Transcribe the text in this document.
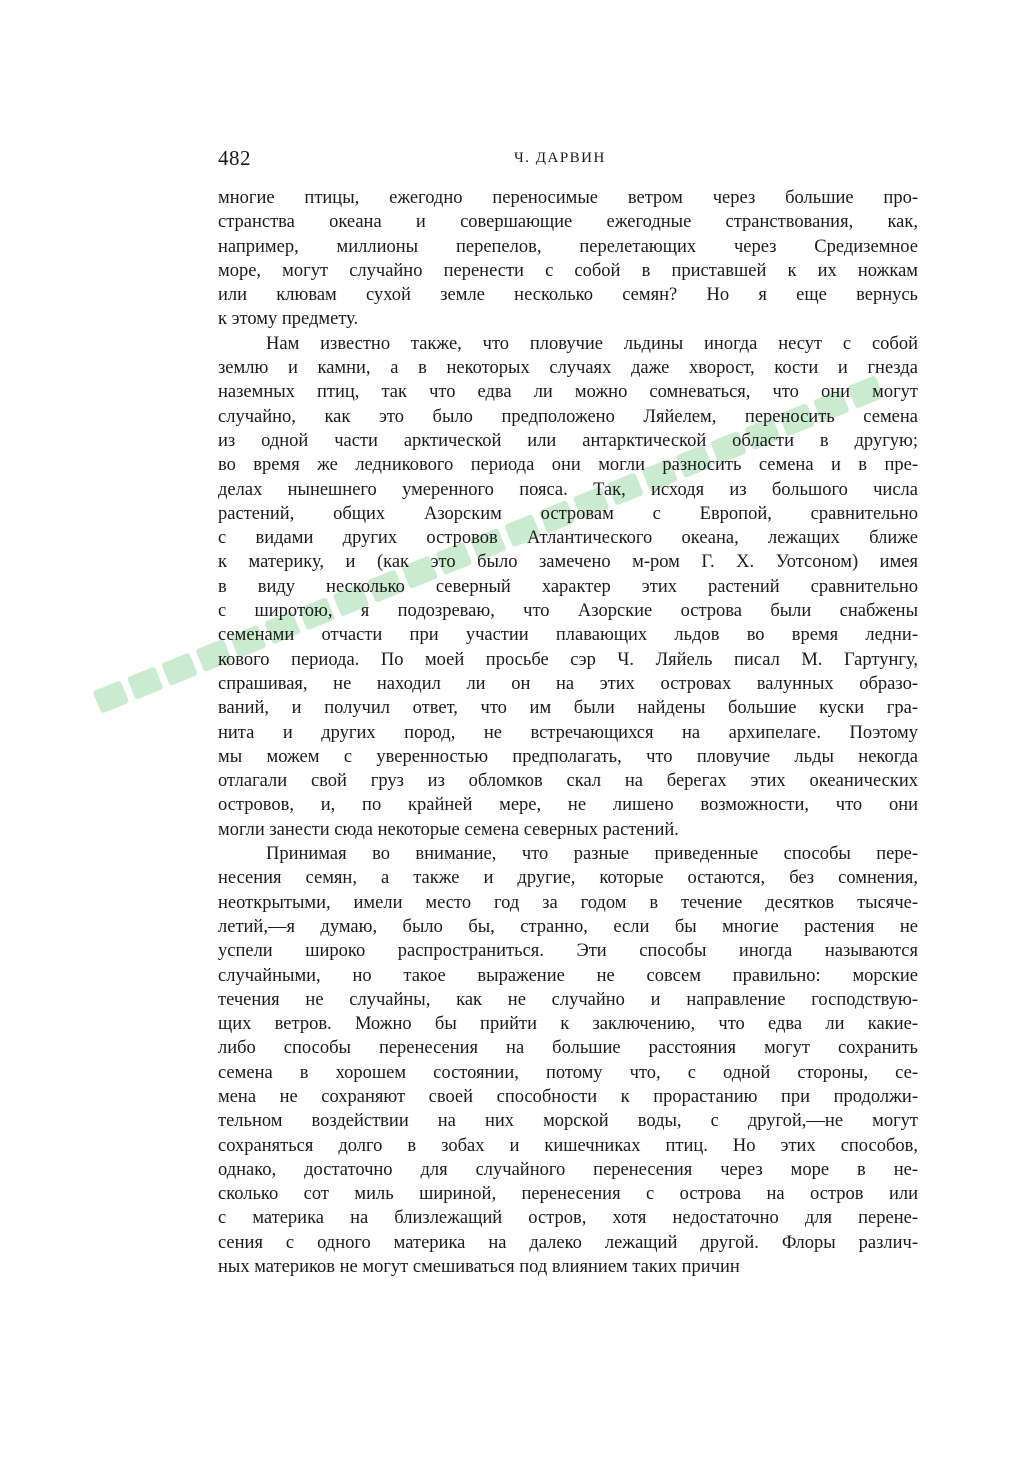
482	Ч. ДАРВИН
многие птицы, ежегодно переносимые ветром через большие про-
странства океана и совершающие ежегодные странствования, как,
например, миллионы перепелов, перелетающих через Средиземное
море, могут случайно перенести с собой в приставшей к их ножкам
или клювам сухой земле несколько семян? Но я еще вернусь
к этому предмету.
Нам известно также, что пловучие льдины иногда несут с собой
землю и камни, а в некоторых случаях даже хворост, кости и гнезда
наземных птиц, так что едва ли можно сомневаться, что они могут
случайно, как это было предположено Ляйелем, переносить семена
из одной части арктической или антарктической области в другую;
во время же ледникового периода они могли разносить семена и в пре-
делах нынешнего умеренного пояса. Так, исходя из большого числа
растений, общих Азорским островам с Европой, сравнительно
с видами других островов Атлантического океана, лежащих ближе
к материку, и (как это было замечено м-ром Г. Х. Уотсоном) имея
в виду несколько северный характер этих растений сравнительно
с широтою, я подозреваю, что Азорские острова были снабжены
семенами отчасти при участии плавающих льдов во время ледни-
кового периода. По моей просьбе сэр Ч. Ляйель писал М. Гартунгу,
спрашивая, не находил ли он на этих островах валунных образо-
ваний, и получил ответ, что им были найдены большие куски гра-
нита и других пород, не встречающихся на архипелаге. Поэтому
мы можем с уверенностью предполагать, что пловучие льды некогда
отлагали свой груз из обломков скал на берегах этих океанических
островов, и, по крайней мере, не лишено возможности, что они
могли занести сюда некоторые семена северных растений.
Принимая во внимание, что разные приведенные способы пере-
несения семян, а также и другие, которые остаются, без сомнения,
неоткрытыми, имели место год за годом в течение десятков тысяче-
летий,—я думаю, было бы, странно, если бы многие растения не
успели широко распространиться. Эти способы иногда называются
случайными, но такое выражение не совсем правильно: морские
течения не случайны, как не случайно и направление господствую-
щих ветров. Можно бы прийти к заключению, что едва ли какие-
либо способы перенесения на большие расстояния могут сохранить
семена в хорошем состоянии, потому что, с одной стороны, се-
мена не сохраняют своей способности к прорастанию при продолжи-
тельном воздействии на них морской воды, с другой,—не могут
сохраняться долго в зобах и кишечниках птиц. Но этих способов,
однако, достаточно для случайного перенесения через море в не-
сколько сот миль шириной, перенесения с острова на остров или
с материка на близлежащий остров, хотя недостаточно для перене-
сения с одного материка на далеко лежащий другой. Флоры различ-
ных материков не могут смешиваться под влиянием таких причин
